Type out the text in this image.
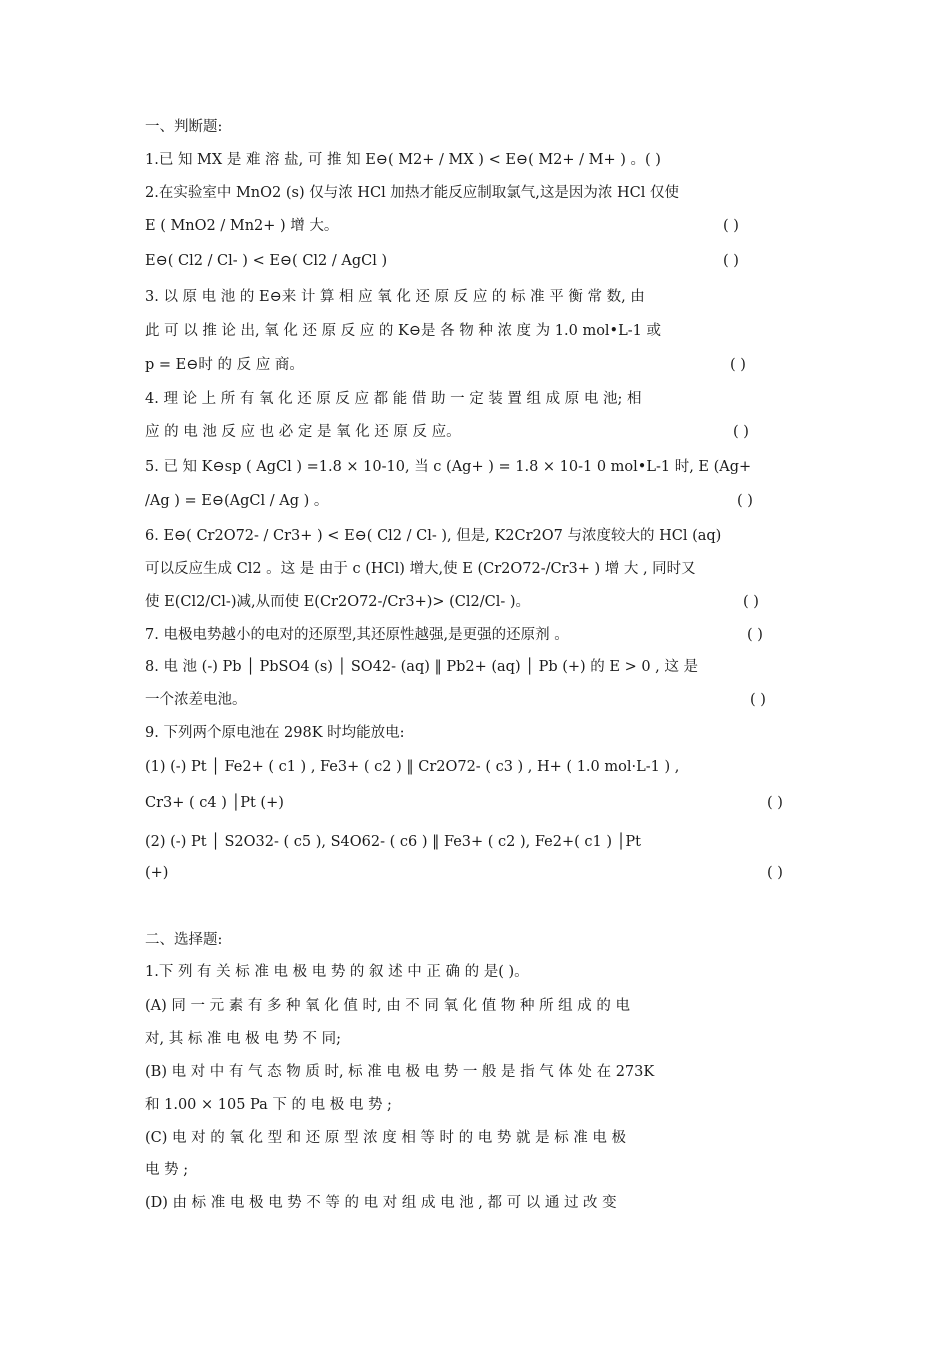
一、判断题:
1.已 知 MX 是 难 溶 盐, 可 推 知 E⊖( M2+ / MX ) < E⊖( M2+ / M+ ) 。( )
2.在实验室中 MnO2 (s) 仅与浓 HCl 加热才能反应制取氯气,这是因为浓 HCl 仅使
E ( MnO2 / Mn2+ ) 增 大。	( )
E⊖( Cl2 / Cl- ) < E⊖( Cl2 / AgCl )	( )
3. 以 原 电 池 的 E⊖来 计 算 相 应 氧 化 还 原 反 应 的 标 准 平 衡 常 数, 由
此 可 以 推 论 出, 氧 化 还 原 反 应 的 K⊖是 各 物 种 浓 度 为 1.0 mol•L-1 或
p = E⊖时 的 反 应 商。	( )
4. 理 论 上 所 有 氧 化 还 原 反 应 都 能 借 助 一 定 装 置 组 成 原 电 池; 相
应 的 电 池 反 应 也 必 定 是 氧 化 还 原 反 应。	( )
5. 已 知 K⊖sp ( AgCl ) =1.8 × 10-10, 当 c (Ag+ ) = 1.8 × 10-1 0 mol•L-1 时, E (Ag+
/Ag ) = E⊖(AgCl / Ag ) 。	( )
6. E⊖( Cr2O72- / Cr3+ ) < E⊖( Cl2 / Cl- ), 但是, K2Cr2O7 与浓度较大的 HCl (aq)
可以反应生成 Cl2 。这 是 由于 c (HCl) 增大,使 E (Cr2O72-/Cr3+ ) 增 大 , 同时又
使 E(Cl2/Cl-)减,从而使 E(Cr2O72-/Cr3+)> (Cl2/Cl- )。	( )
7. 电极电势越小的电对的还原型,其还原性越强,是更强的还原剂 。	( )
8. 电 池 (-) Pb │ PbSO4 (s) │ SO42- (aq) ‖ Pb2+ (aq) │ Pb (+) 的 E > 0 , 这 是
一个浓差电池。	( )
9. 下列两个原电池在 298K 时均能放电:
(1) (-) Pt │ Fe2+ ( c1 ) , Fe3+ ( c2 ) ‖ Cr2O72- ( c3 ) , H+ ( 1.0 mol·L-1 ) ,
Cr3+ ( c4 ) │Pt (+)	( )
(2) (-) Pt │ S2O32- ( c5 ), S4O62- ( c6 ) ‖ Fe3+ ( c2 ), Fe2+( c1 ) │Pt
(+)	( )
二、选择题:
1.下 列 有 关 标 准 电 极 电 势 的 叙 述 中 正 确 的 是( )。
(A) 同 一 元 素 有 多 种 氧 化 值 时, 由 不 同 氧 化 值 物 种 所 组 成 的 电
对, 其 标 准 电 极 电 势 不 同;
(B) 电 对 中 有 气 态 物 质 时, 标 准 电 极 电 势 一 般 是 指 气 体 处 在 273K
和 1.00 × 105 Pa 下 的 电 极 电 势 ;
(C) 电 对 的 氧 化 型 和 还 原 型 浓 度 相 等 时 的 电 势 就 是 标 准 电 极
电 势 ;
(D) 由 标 准 电 极 电 势 不 等 的 电 对 组 成 电 池 , 都 可 以 通 过 改 变
